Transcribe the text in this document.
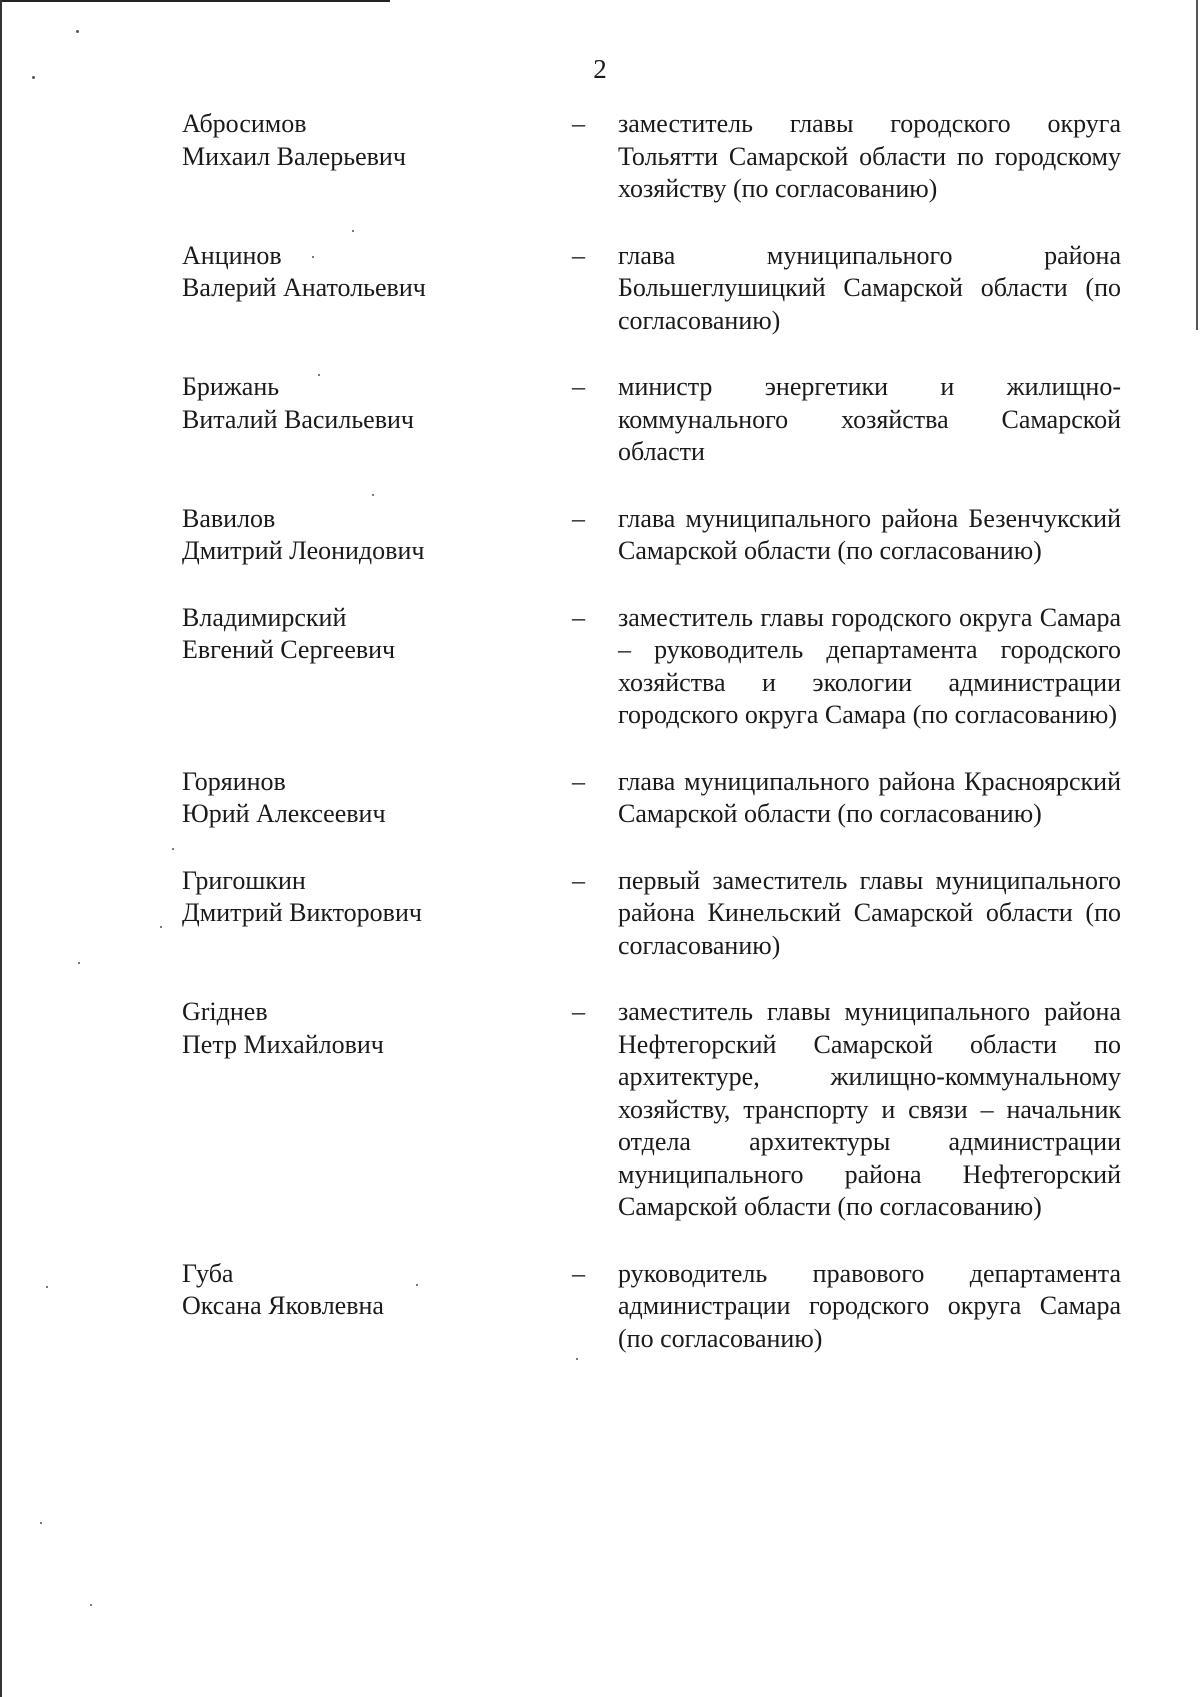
2
Абросимов
Михаил Валерьевич
– заместитель главы городского округа Тольятти Самарской области по городскому хозяйству (по согласованию)
Анцинов
Валерий Анатольевич
– глава муниципального района Большеглушицкий Самарской области (по согласованию)
Брижань
Виталий Васильевич
– министр энергетики и жилищно-коммунального хозяйства Самарской области
Вавилов
Дмитрий Леонидович
– глава муниципального района Безенчукский Самарской области (по согласованию)
Владимирский
Евгений Сергеевич
– заместитель главы городского округа Самара – руководитель департамента городского хозяйства и экологии администрации городского округа Самара (по согласованию)
Горяинов
Юрий Алексеевич
– глава муниципального района Красноярский Самарской области (по согласованию)
Григошкин
Дмитрий Викторович
– первый заместитель главы муниципального района Кинельский Самарской области (по согласованию)
Griднев
Петр Михайлович
– заместитель главы муниципального района Нефтегорский Самарской области по архитектуре, жилищно-коммунальному хозяйству, транспорту и связи – начальник отдела архитектуры администрации муниципального района Нефтегорский Самарской области (по согласованию)
Губа
Оксана Яковлевна
– руководитель правового департамента администрации городского округа Самара (по согласованию)
